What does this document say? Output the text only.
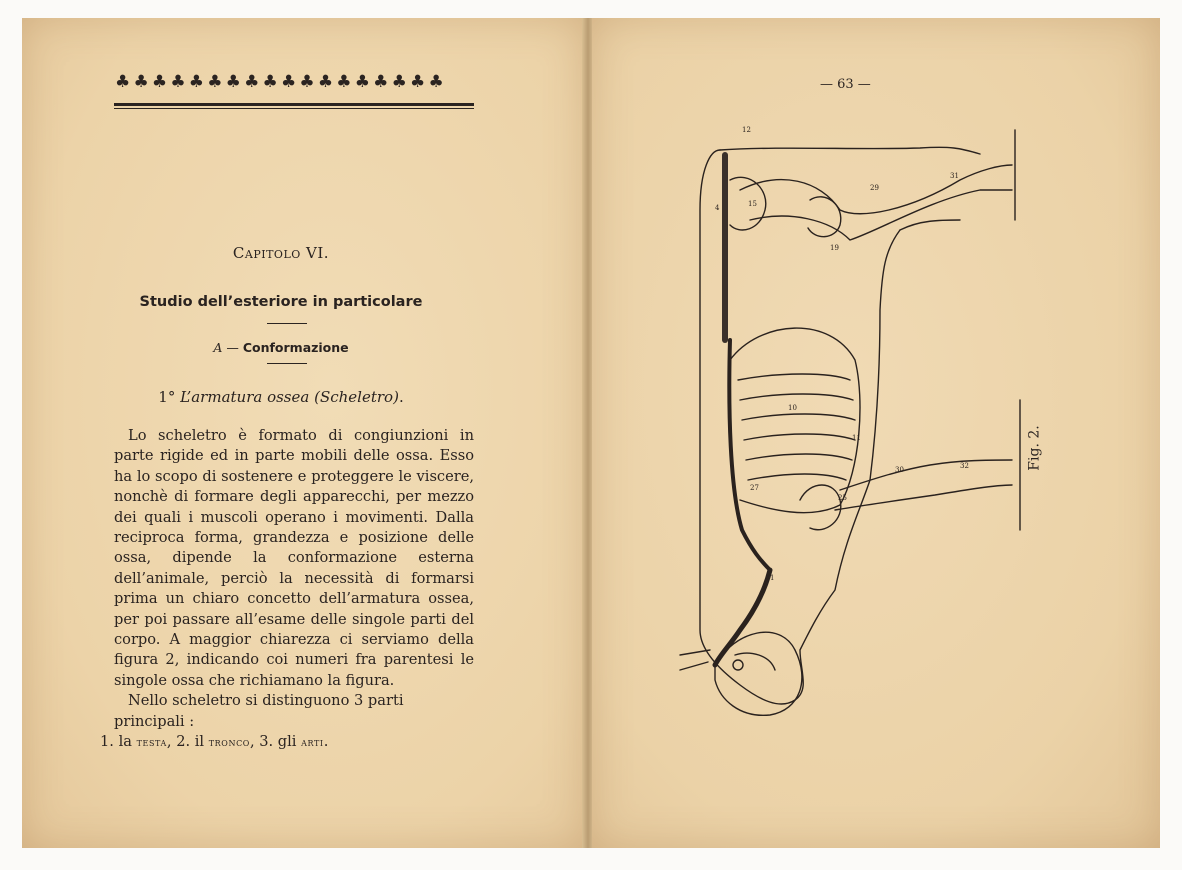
♣♣♣♣♣♣♣♣♣♣♣♣♣♣♣♣♣♣
Capitolo VI.
Studio dell’esteriore in particolare
A — Conformazione
1° L’armatura ossea (Scheletro).

Lo scheletro è formato di congiunzioni in parte rigide ed in parte mobili delle ossa. Esso ha lo scopo di sostenere e proteggere le viscere, nonchè di formare degli apparecchi, per mezzo dei quali i muscoli operano i movimenti. Dalla reciproca forma, grandezza e posizione delle ossa, dipende la conformazione esterna dell’animale, perciò la necessità di formarsi prima un chiaro concetto dell’armatura ossea, per poi passare all’esame delle singole parti del corpo. A maggior chiarezza ci serviamo della figura 2, indicando coi numeri fra parentesi le singole ossa che richiamano la figura.

Nello scheletro si distinguono 3 parti principali :
1. la testa, 2. il tronco, 3. gli arti.

— 63 —
Fig. 2.
12
4	15
29
31
19
10
11
30	32
27
25
1
